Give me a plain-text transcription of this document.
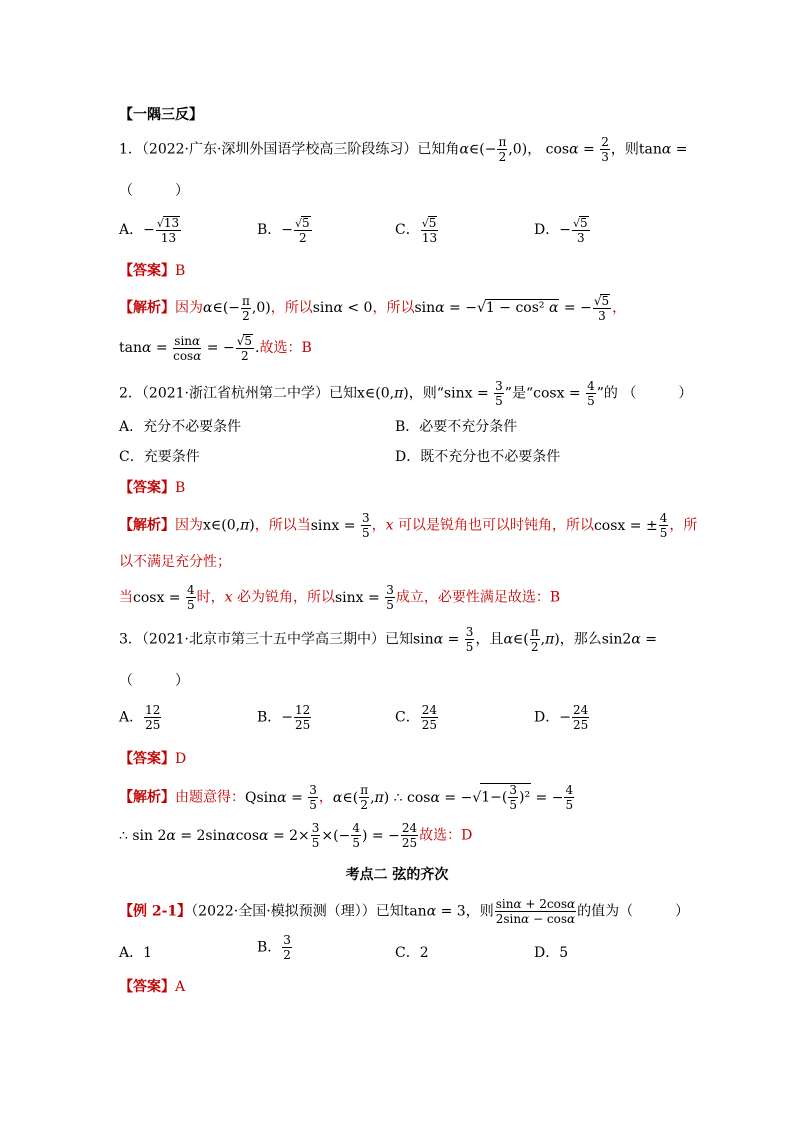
【一隅三反】
1．（2022·广东·深圳外国语学校高三阶段练习）已知角α∈(− $\frac{\pi}{2} ,0$)， $\cos\alpha = \frac{2}{3}$ ，则tanα =
（　　　）
A．− $\frac{√13}{13}$	B．− $\frac{√5}{2}$	C． $\frac{√5}{13}$	D．− $\frac{√5}{3}$
【答案】B
【解析】因为α∈(− $\frac{\pi}{2} ,0$)，所以sinα < 0，所以sinα = −√1 − cos² α = − $\frac{√5}{3}$ ，
$\tan\alpha = \frac{\sin\alpha}{\cos\alpha}$ = − $\frac{√5}{2}$ .故选：B
2．（2021·浙江省杭州第二中学）已知x∈(0,π)，则“$\sin x = \frac{3}{5}$ ”是“$\cos x = \frac{4}{5}$ ”的 （　　　）
A．充分不必要条件	B．必要不充分条件
C．充要条件	D．既不充分也不必要条件
【答案】B
【解析】因为x∈(0,π)，所以当$\sin x = \frac{3}{5}$ ，x 可以是锐角也可以时钝角，所以cosx = ± $\frac{4}{5}$ ，所
以不满足充分性；
当$\cos x = \frac{4}{5}$ 时，x 必为锐角，所以$\sin x = \frac{3}{5}$ 成立，必要性满足故选：B
3．（2021·北京市第三十五中学高三期中）已知$\sin\alpha = \frac{3}{5}$ ，且α∈( $\frac{\pi}{2} ,\pi$)，那么sin2α =
（　　　）
A． $\frac{12}{25}$	B．− $\frac{12}{25}$	C． $\frac{24}{25}$	D．− $\frac{24}{25}$
【答案】D
【解析】由题意得：$Qsin\alpha = \frac{3}{5}$ ，α∈( $\frac{\pi}{2} ,\pi$) ∴ $\cos\alpha = -√1-( \frac{3}{5} )^2$ = − $\frac{4}{5}$
∴ $\sin 2\alpha = 2\sin\alpha\cos\alpha = 2\times \frac{3}{5}$ ×(− $\frac{4}{5}$ ) = − $\frac{24}{25}$ 故选：D
考点二 弦的齐次
【例 2-1】（2022·全国·模拟预测（理））已知tanα = 3，则 $\frac{\sin\alpha + 2\cos\alpha}{2\sin\alpha - \cos\alpha}$ 的值为（　　　）
A．1	B． $\frac{3}{2}$	C．2	D．5
【答案】A
